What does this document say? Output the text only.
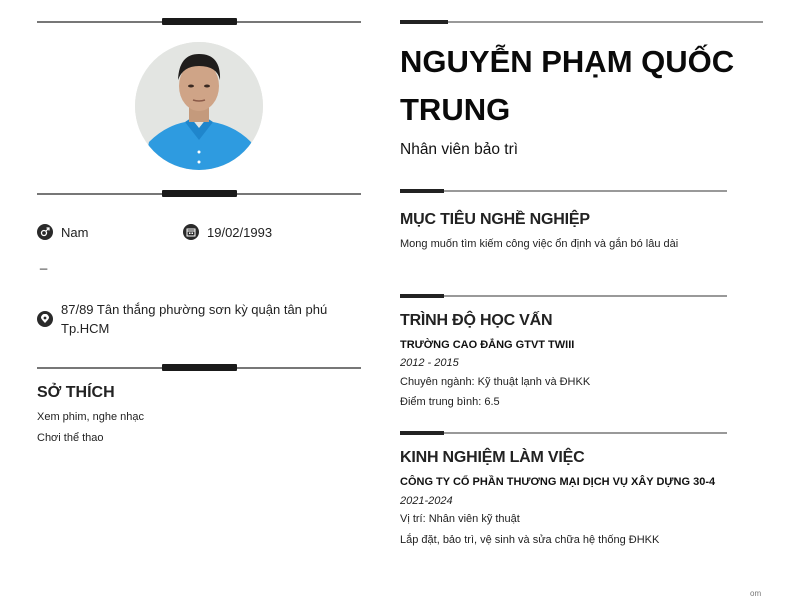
Nam	19/02/1993
_
87/89 Tân thắng phường sơn kỳ quận tân phú
Tp.HCM
SỞ THÍCH
Xem phim, nghe nhạc
Chơi thể thao
NGUYỄN PHẠM QUỐC TRUNG
Nhân viên bảo trì
MỤC TIÊU NGHỀ NGHIỆP
Mong muốn tìm kiếm công việc ổn định và gắn bó lâu dài
TRÌNH ĐỘ HỌC VẤN
TRƯỜNG CAO ĐẲNG GTVT TWIII
2012 - 2015
Chuyên ngành: Kỹ thuật lạnh và ĐHKK
Điểm trung bình: 6.5
KINH NGHIỆM LÀM VIỆC
CÔNG TY CỔ PHẦN THƯƠNG MẠI DỊCH VỤ XÂY DỰNG 30-4
2021-2024
Vị trí: Nhân viên kỹ thuật
Lắp đặt, bảo trì, vệ sinh và sửa chữa hệ thống ĐHKK
om
